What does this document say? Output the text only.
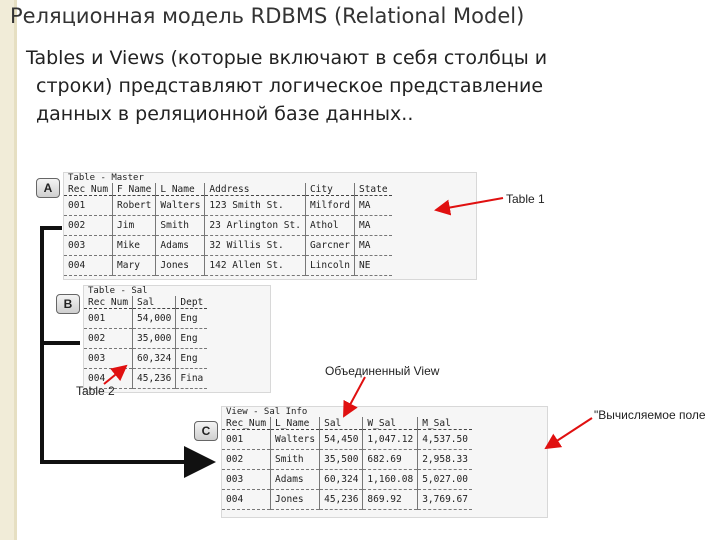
Реляционная модель RDBMS (Relational Model)
Tables и Views (которые включают в себя столбцы и
строки) представляют логическое представление
данных в реляционной базе данных..
Table - Master					
Rec Num	F Name	L Name	Address	City	State
001	Robert	Walters	123 Smith St.	Milford	MA
002	Jim	Smith	23 Arlington St.	Athol	MA
003	Mike	Adams	32 Willis St.	Garcner	MA
004	Mary	Jones	142 Allen St.	Lincoln	NE
Table - Sal		
Rec Num	Sal	Dept
001	54,000	Eng
002	35,000	Eng
003	60,324	Eng
004	45,236	Fina
View - Sal Info				
Rec_Num	L_Name	Sal	W_Sal	M_Sal
001	Walters	54,450	1,047.12	4,537.50
002	Smith	35,500	682.69	2,958.33
003	Adams	60,324	1,160.08	5,027.00
004	Jones	45,236	869.92	3,769.67
A
B
C
Table 1
Table 2
Объединенный View
"Вычисляемое поле
